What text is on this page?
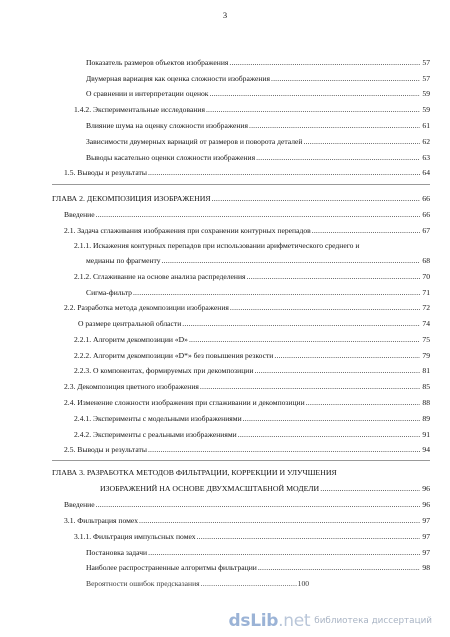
3
Показатель размеров объектов изображения .....	57
Двумерная вариация как оценка сложности изображения .....	57
О сравнении и интерпретации оценок .....	59
1.4.2. Экспериментальные исследования .....	59
Влияние шума на оценку сложности изображения .....	61
Зависимости двумерных вариаций от размеров и поворота деталей .....	62
Выводы касательно оценки сложности изображения .....	63
1.5. Выводы и результаты .....	64
ГЛАВА 2. ДЕКОМПОЗИЦИЯ ИЗОБРАЖЕНИЯ .....	66
Введение .....	66
2.1. Задача сглаживания изображения при сохранении контурных перепадов .....	67
2.1.1. Искажения контурных перепадов при использовании арифметического среднего и
медианы по фрагменту .....	68
2.1.2. Сглаживание на основе анализа распределения .....	70
Сигма-фильтр .....	71
2.2. Разработка метода декомпозиции изображения .....	72
О размере центральной области .....	74
2.2.1. Алгоритм декомпозиции «D» .....	75
2.2.2. Алгоритм декомпозиции «D*» без повышения резкости .....	79
2.2.3. О компонентах, формируемых при декомпозиции .....	81
2.3. Декомпозиция цветного изображения .....	85
2.4. Изменение сложности изображения при сглаживании и декомпозиции .....	88
2.4.1. Эксперименты с модельными изображениями .....	89
2.4.2. Эксперименты с реальными изображениями .....	91
2.5. Выводы и результаты .....	94
ГЛАВА 3. РАЗРАБОТКА МЕТОДОВ ФИЛЬТРАЦИИ, КОРРЕКЦИИ И УЛУЧШЕНИЯ
ИЗОБРАЖЕНИЙ НА ОСНОВЕ ДВУХМАСШТАБНОЙ МОДЕЛИ .....	96
Введение .....	96
3.1. Фильтрация помех .....	97
3.1.1. Фильтрация импульсных помех .....	97
Постановка задачи .....	97
Наиболее распространенные алгоритмы фильтрации .....	98
Вероятности ошибок предсказания .....	100
dsLib.net библиотека диссертаций
